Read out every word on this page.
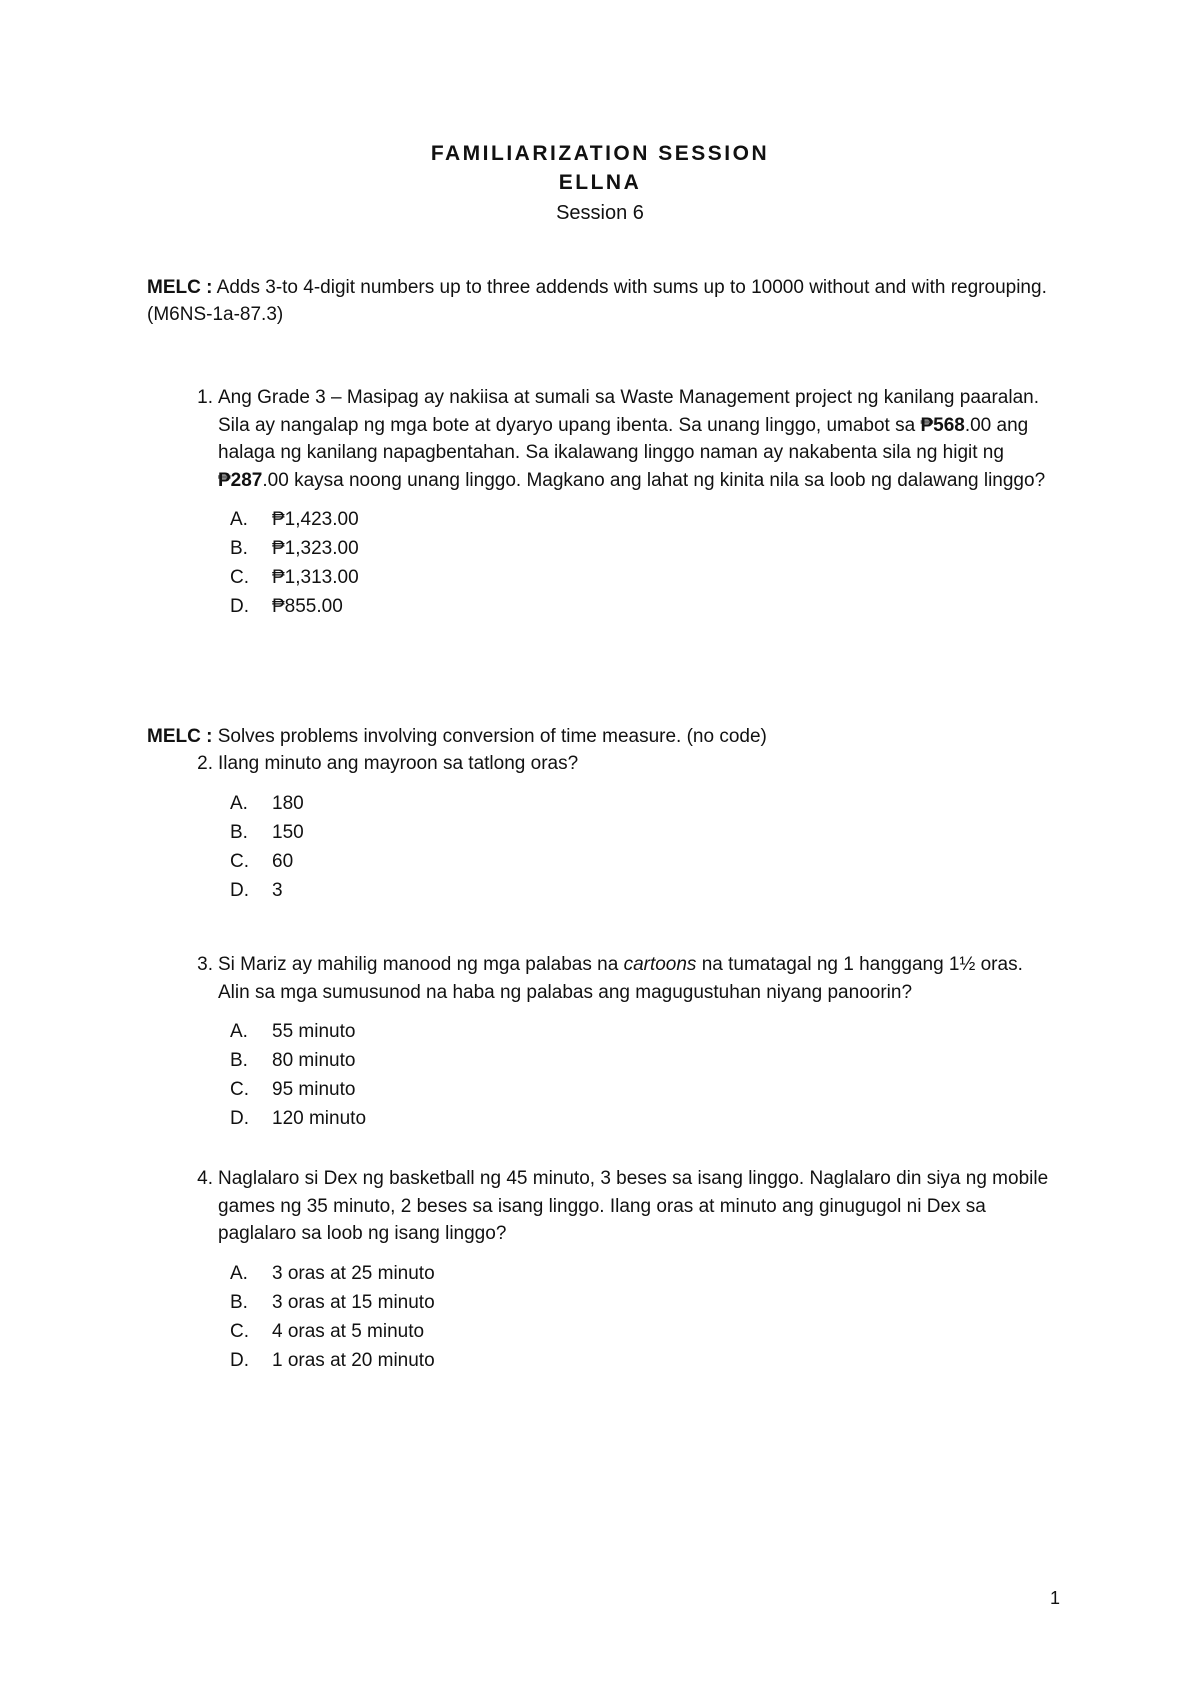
FAMILIARIZATION SESSION

ELLNA

Session 6

MELC : Adds 3-to 4-digit numbers up to three addends with sums up to 10000 without and with regrouping.(M6NS-1a-87.3)
1. Ang Grade 3 – Masipag ay nakiisa at sumali sa Waste Management project ng kanilang paaralan. Sila ay nangalap ng mga bote at dyaryo upang ibenta. Sa unang linggo, umabot sa ₱568.00 ang halaga ng kanilang napagbentahan. Sa ikalawang linggo naman ay nakabenta sila ng higit ng ₱287.00 kaysa noong unang linggo. Magkano ang lahat ng kinita nila sa loob ng dalawang linggo?
A.	₱1,423.00
B.	₱1,323.00
C.	₱1,313.00
D.	₱855.00
MELC : Solves problems involving conversion of time measure. (no code)
2. Ilang minuto ang mayroon sa tatlong oras?
A.	180
B.	150
C.	60
D.	3
3. Si Mariz ay mahilig manood ng mga palabas na cartoons na tumatagal ng 1 hanggang 1½ oras. Alin sa mga sumusunod na haba ng palabas ang magugustuhan niyang panoorin?
A.	55 minuto
B.	80 minuto
C.	95 minuto
D.	120 minuto
4. Naglalaro si Dex ng basketball ng 45 minuto, 3 beses sa isang linggo. Naglalaro din siya ng mobile games ng 35 minuto, 2 beses sa isang linggo. Ilang oras at minuto ang ginugugol ni Dex sa paglalaro sa loob ng isang linggo?
A.	3 oras at 25 minuto
B.	3 oras at 15 minuto
C.	4 oras at 5 minuto
D.	1 oras at 20 minuto
1
